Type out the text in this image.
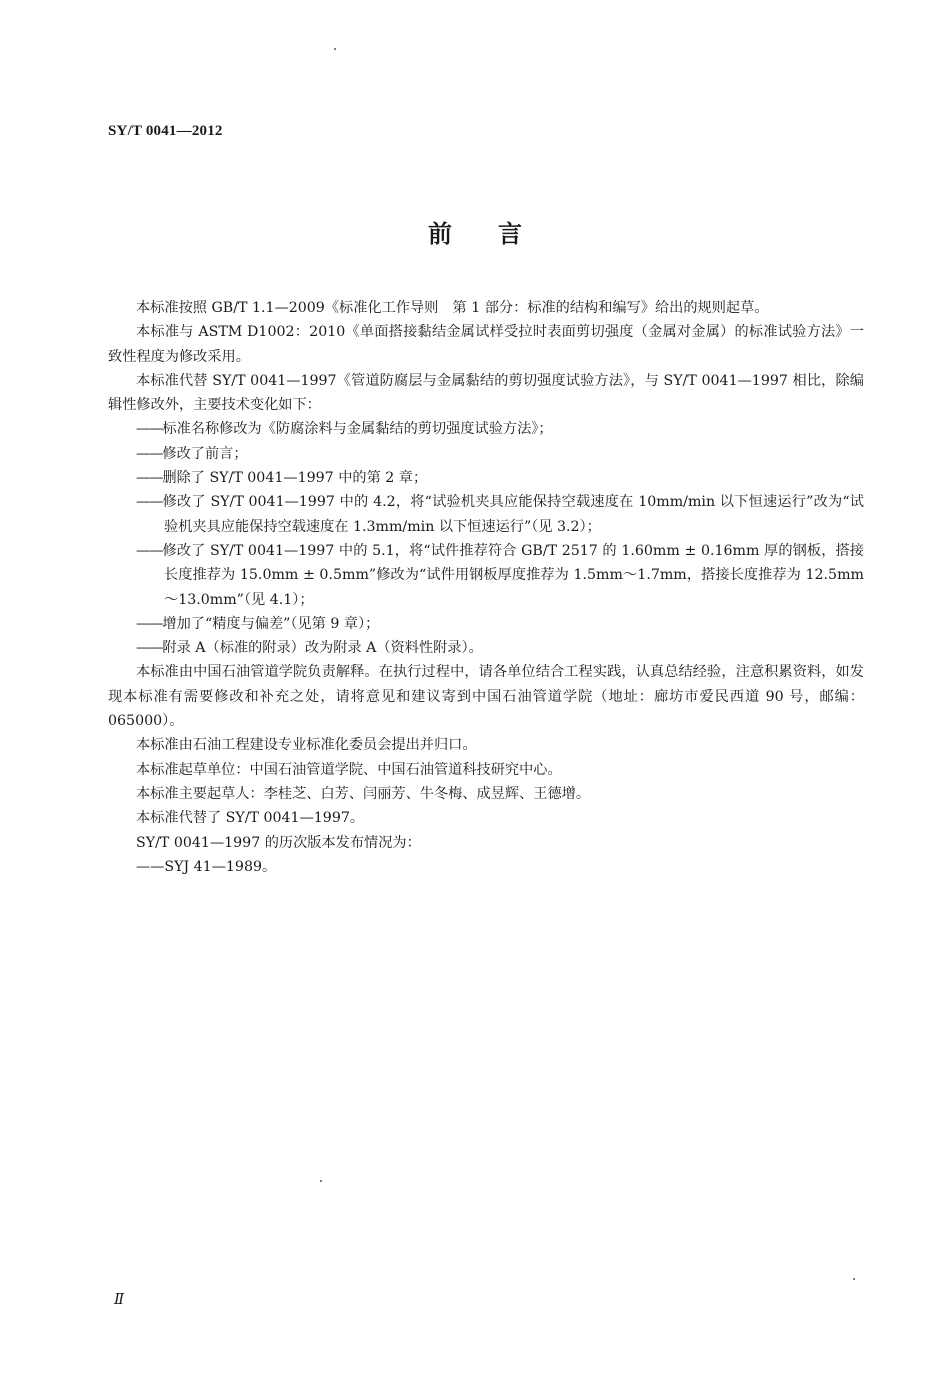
SY/T 0041—2012
前言

本标准按照 GB/T 1.1—2009《标准化工作导则　第 1 部分：标准的结构和编写》给出的规则起草。

本标准与 ASTM D1002：2010《单面搭接黏结金属试样受拉时表面剪切强度（金属对金属）的标准试验方法》一致性程度为修改采用。

本标准代替 SY/T 0041—1997《管道防腐层与金属黏结的剪切强度试验方法》，与 SY/T 0041—1997 相比，除编辑性修改外，主要技术变化如下：

——标准名称修改为《防腐涂料与金属黏结的剪切强度试验方法》；

——修改了前言；

——删除了 SY/T 0041—1997 中的第 2 章；

——修改了 SY/T 0041—1997 中的 4.2，将“试验机夹具应能保持空载速度在 10mm/min 以下恒速运行”改为“试验机夹具应能保持空载速度在 1.3mm/min 以下恒速运行”（见 3.2）；

——修改了 SY/T 0041—1997 中的 5.1，将“试件推荐符合 GB/T 2517 的 1.60mm ± 0.16mm 厚的钢板，搭接长度推荐为 15.0mm ± 0.5mm”修改为“试件用钢板厚度推荐为 1.5mm～1.7mm，搭接长度推荐为 12.5mm～13.0mm”（见 4.1）；

——增加了“精度与偏差”（见第 9 章）；

——附录 A（标准的附录）改为附录 A（资料性附录）。

本标准由中国石油管道学院负责解释。在执行过程中，请各单位结合工程实践，认真总结经验，注意积累资料，如发现本标准有需要修改和补充之处，请将意见和建议寄到中国石油管道学院（地址：廊坊市爱民西道 90 号，邮编：065000）。

本标准由石油工程建设专业标准化委员会提出并归口。

本标准起草单位：中国石油管道学院、中国石油管道科技研究中心。

本标准主要起草人：李桂芝、白芳、闫丽芳、牛冬梅、成昱辉、王德增。

本标准代替了 SY/T 0041—1997。

SY/T 0041—1997 的历次版本发布情况为：

——SYJ 41—1989。

Ⅱ
